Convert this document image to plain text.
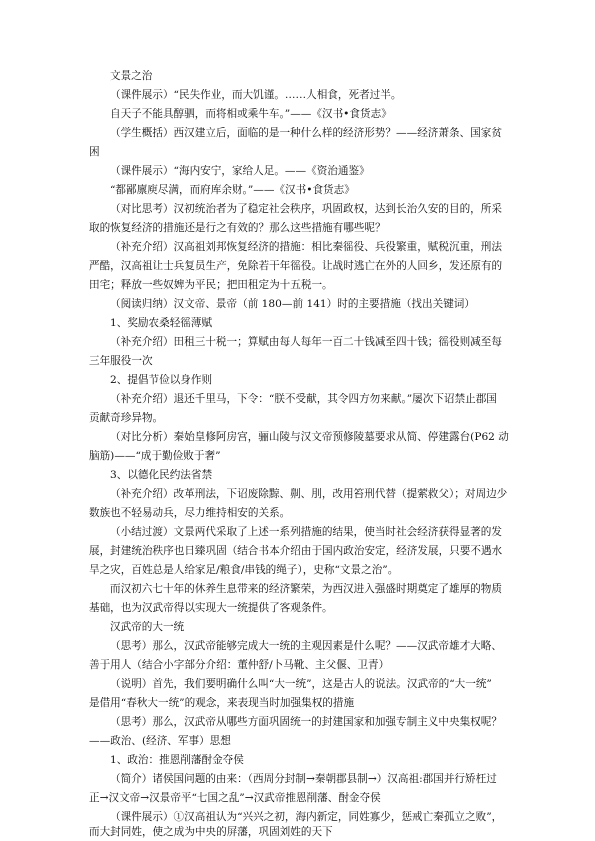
文景之治
（课件展示）“民失作业，而大饥谨。……人相食，死者过半。
自天子不能具醇驷，而将相或乘牛车。”——《汉书•食货志》
（学生概括）西汉建立后，面临的是一种什么样的经济形势？——经济萧条、国家贫
困
（课件展示）“海内安宁，家给人足。——《资治通鉴》
“都鄙廪庾尽满，而府库余财。”——《汉书•食货志》
（对比思考）汉初统治者为了稳定社会秩序，巩固政权，达到长治久安的目的，所采
取的恢复经济的措施还是行之有效的？那么这些措施有哪些呢？
（补充介绍）汉高祖刘邦恢复经济的措施：相比秦徭役、兵役繁重，赋税沉重，刑法
严酷，汉高祖让士兵复员生产，免除若干年徭役。让战时逃亡在外的人回乡，发还原有的
田宅；释放一些奴婢为平民；把田租定为十五税一。
（阅读归纳）汉文帝、景帝（前 180—前 141）时的主要措施（找出关键词）
1、奖励农桑轻徭薄赋
（补充介绍）田租三十税一；算赋由每人每年一百二十钱减至四十钱；徭役则减至每
三年服役一次
2、提倡节俭以身作则
（补充介绍）退还千里马，下令：“朕不受献，其令四方勿来献。”屡次下诏禁止郡国
贡献奇珍异物。
（对比分析）秦始皇修阿房宫，骊山陵与汉文帝预修陵墓要求从简、停建露台(P62 动
脑筋)——“成于勤俭败于奢”
3、以德化民约法省禁
（补充介绍）改革刑法，下诏废除黥、劓、刖，改用笞刑代替（提萦救父）；对周边少
数族也不轻易动兵，尽力维持相安的关系。
（小结过渡）文景两代采取了上述一系列措施的结果，使当时社会经济获得显著的发
展，封建统治秩序也日臻巩固（结合书本介绍由于国内政治安定，经济发展，只要不遇水
旱之灾，百姓总是人给家足/粮食/串钱的绳子），史称“文景之治”。
而汉初六七十年的休养生息带来的经济繁荣，为西汉进入强盛时期奠定了雄厚的物质
基础，也为汉武帝得以实现大一统提供了客观条件。
汉武帝的大一统
（思考）那么，汉武帝能够完成大一统的主观因素是什么呢？——汉武帝雄才大略、
善于用人（结合小字部分介绍：董仲舒/卜马靴、主父偃、卫青）
（说明）首先，我们要明确什么叫“大一统”，这是古人的说法。汉武帝的“大一统”
是借用“春秋大一统”的观念，来表现当时加强集权的措施
（思考）那么，汉武帝从哪些方面巩固统一的封建国家和加强专制主义中央集权呢？
——政治、(经济、军事）思想
1、政治：推恩削藩酎金夺侯
（简介）诸侯国问题的由来：（西周分封制→秦朝郡县制→）汉高祖:郡国并行矫枉过
正→汉文帝→汉景帝平“七国之乱”→汉武帝推恩削藩、酎金夺侯
（课件展示）①汉高祖认为“兴兴之初，海内新定，同姓寡少，惩戒亡秦孤立之败”，
而大封同姓，使之成为中央的屏藩，巩固刘姓的天下
